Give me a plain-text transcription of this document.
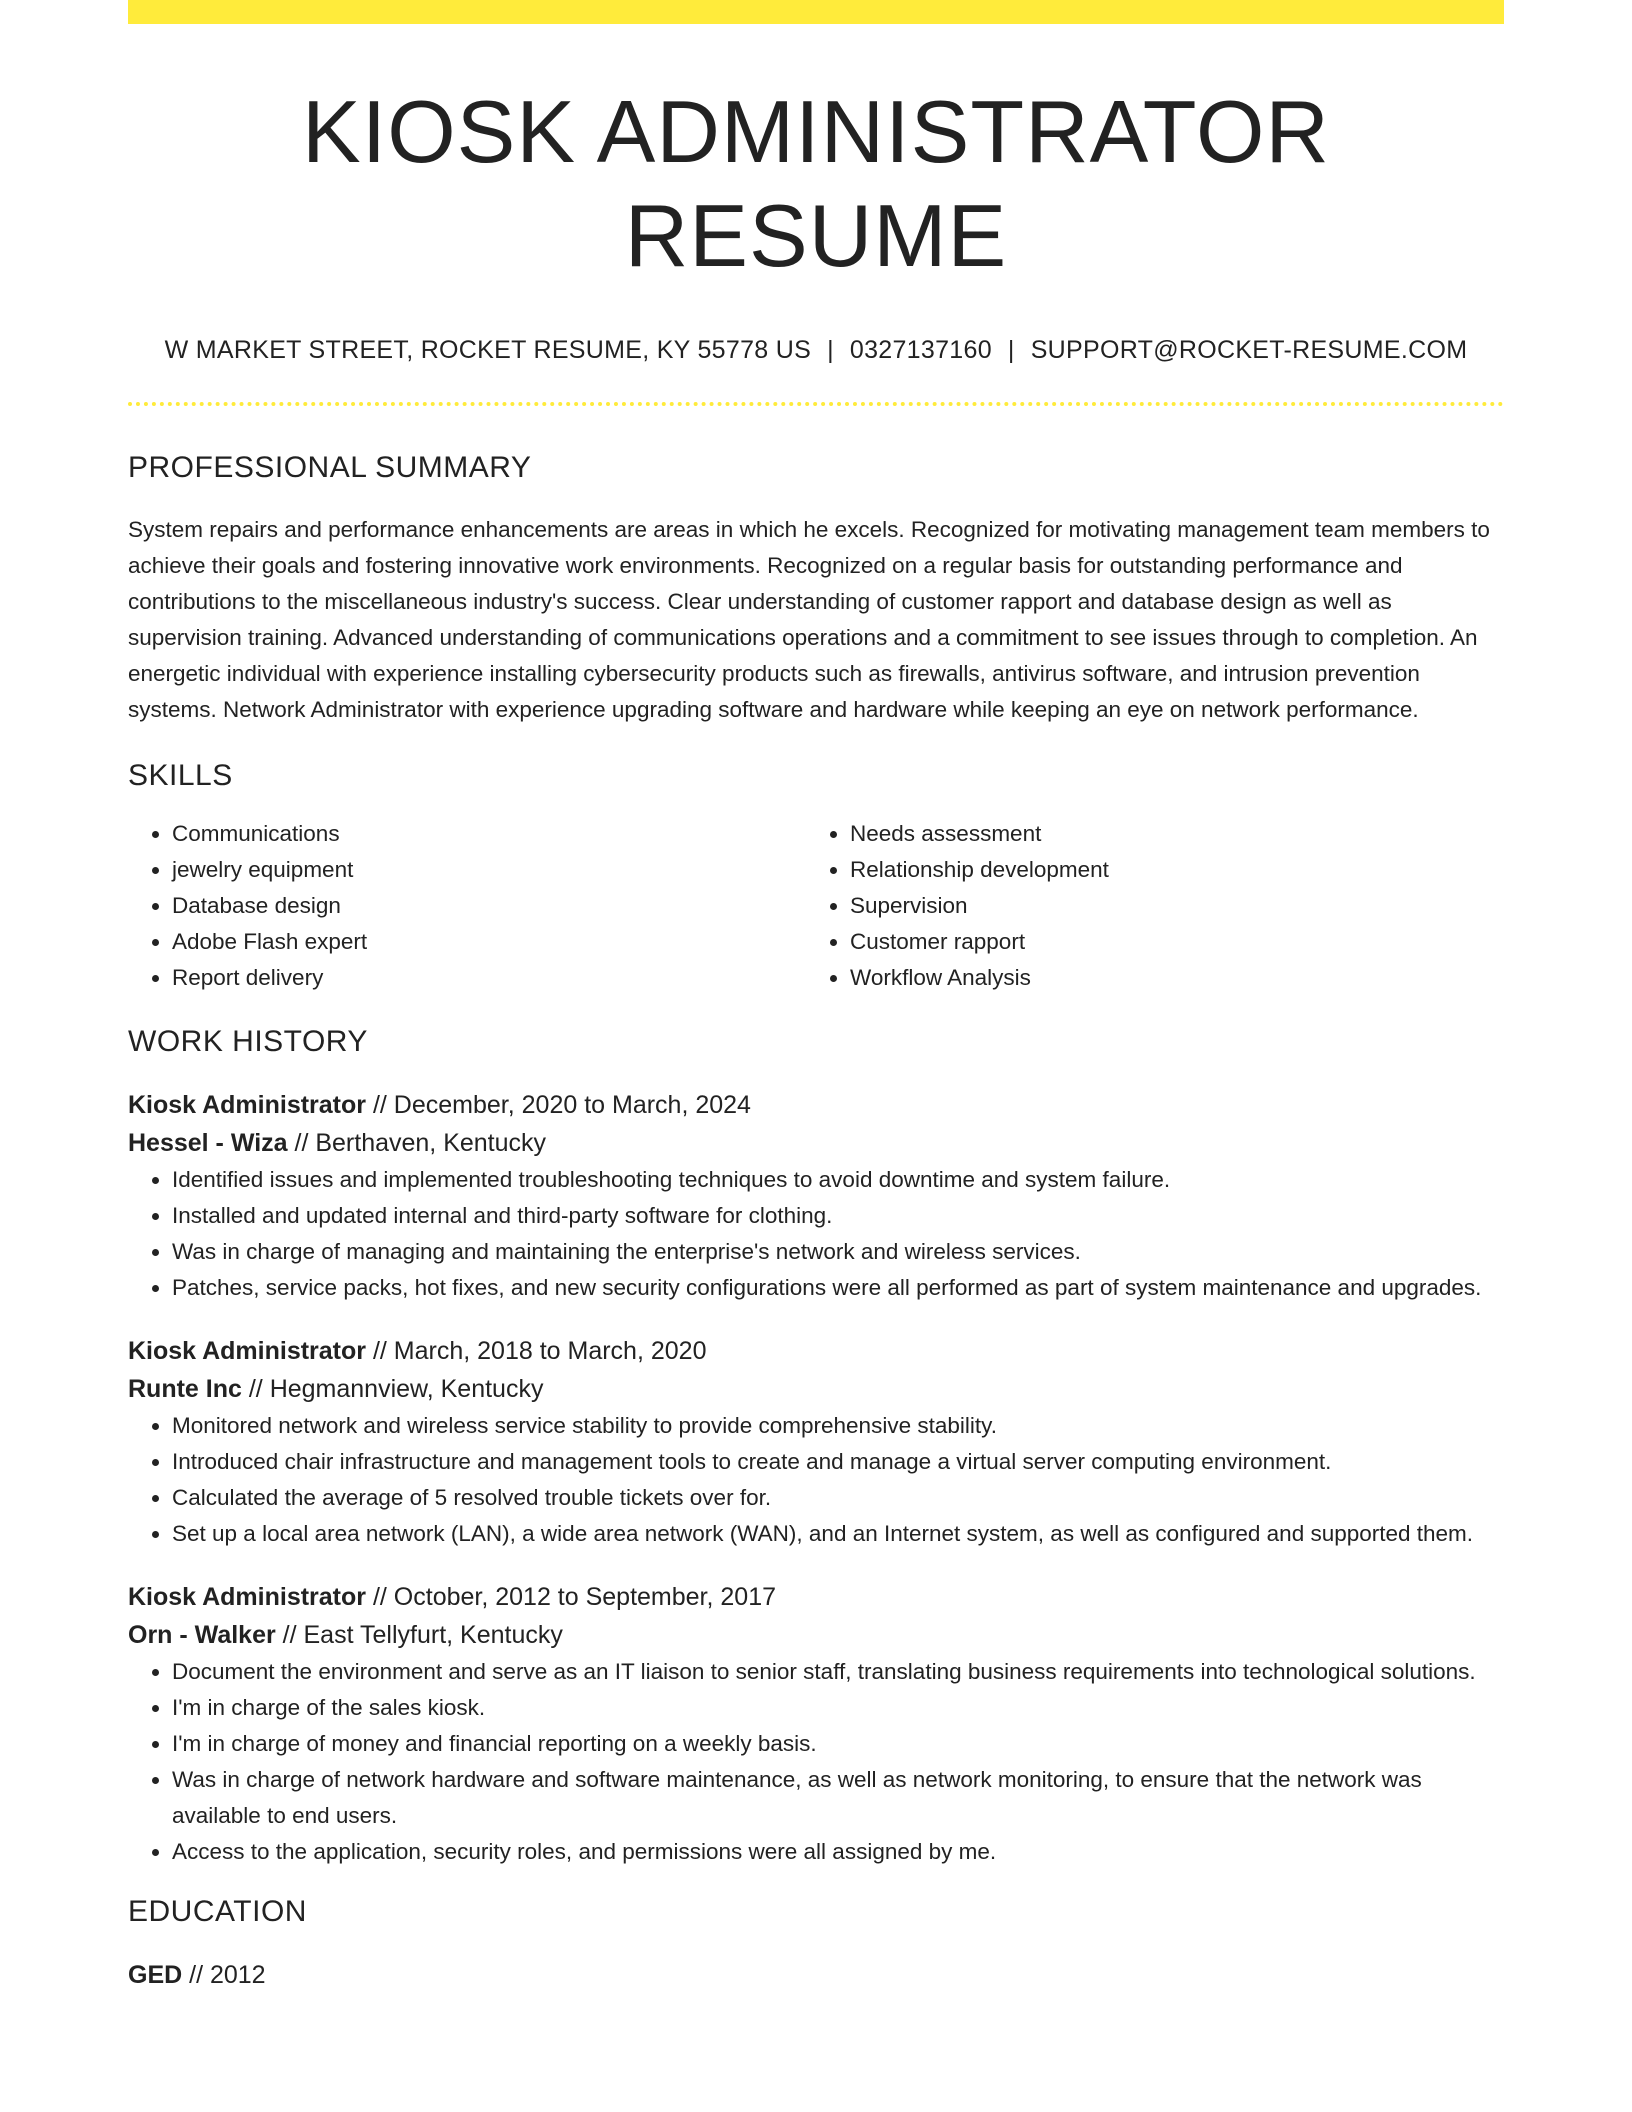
KIOSK ADMINISTRATOR RESUME
W MARKET STREET, ROCKET RESUME, KY 55778 US | 0327137160 | SUPPORT@ROCKET-RESUME.COM
PROFESSIONAL SUMMARY
System repairs and performance enhancements are areas in which he excels. Recognized for motivating management team members to achieve their goals and fostering innovative work environments. Recognized on a regular basis for outstanding performance and contributions to the miscellaneous industry's success. Clear understanding of customer rapport and database design as well as supervision training. Advanced understanding of communications operations and a commitment to see issues through to completion. An energetic individual with experience installing cybersecurity products such as firewalls, antivirus software, and intrusion prevention systems. Network Administrator with experience upgrading software and hardware while keeping an eye on network performance.
SKILLS
• Communications
• jewelry equipment
• Database design
• Adobe Flash expert
• Report delivery
• Needs assessment
• Relationship development
• Supervision
• Customer rapport
• Workflow Analysis
WORK HISTORY
Kiosk Administrator // December, 2020 to March, 2024
Hessel - Wiza // Berthaven, Kentucky
• Identified issues and implemented troubleshooting techniques to avoid downtime and system failure.
• Installed and updated internal and third-party software for clothing.
• Was in charge of managing and maintaining the enterprise's network and wireless services.
• Patches, service packs, hot fixes, and new security configurations were all performed as part of system maintenance and upgrades.
Kiosk Administrator // March, 2018 to March, 2020
Runte Inc // Hegmannview, Kentucky
• Monitored network and wireless service stability to provide comprehensive stability.
• Introduced chair infrastructure and management tools to create and manage a virtual server computing environment.
• Calculated the average of 5 resolved trouble tickets over for.
• Set up a local area network (LAN), a wide area network (WAN), and an Internet system, as well as configured and supported them.
Kiosk Administrator // October, 2012 to September, 2017
Orn - Walker // East Tellyfurt, Kentucky
• Document the environment and serve as an IT liaison to senior staff, translating business requirements into technological solutions.
• I'm in charge of the sales kiosk.
• I'm in charge of money and financial reporting on a weekly basis.
• Was in charge of network hardware and software maintenance, as well as network monitoring, to ensure that the network was available to end users.
• Access to the application, security roles, and permissions were all assigned by me.
EDUCATION
GED // 2012
